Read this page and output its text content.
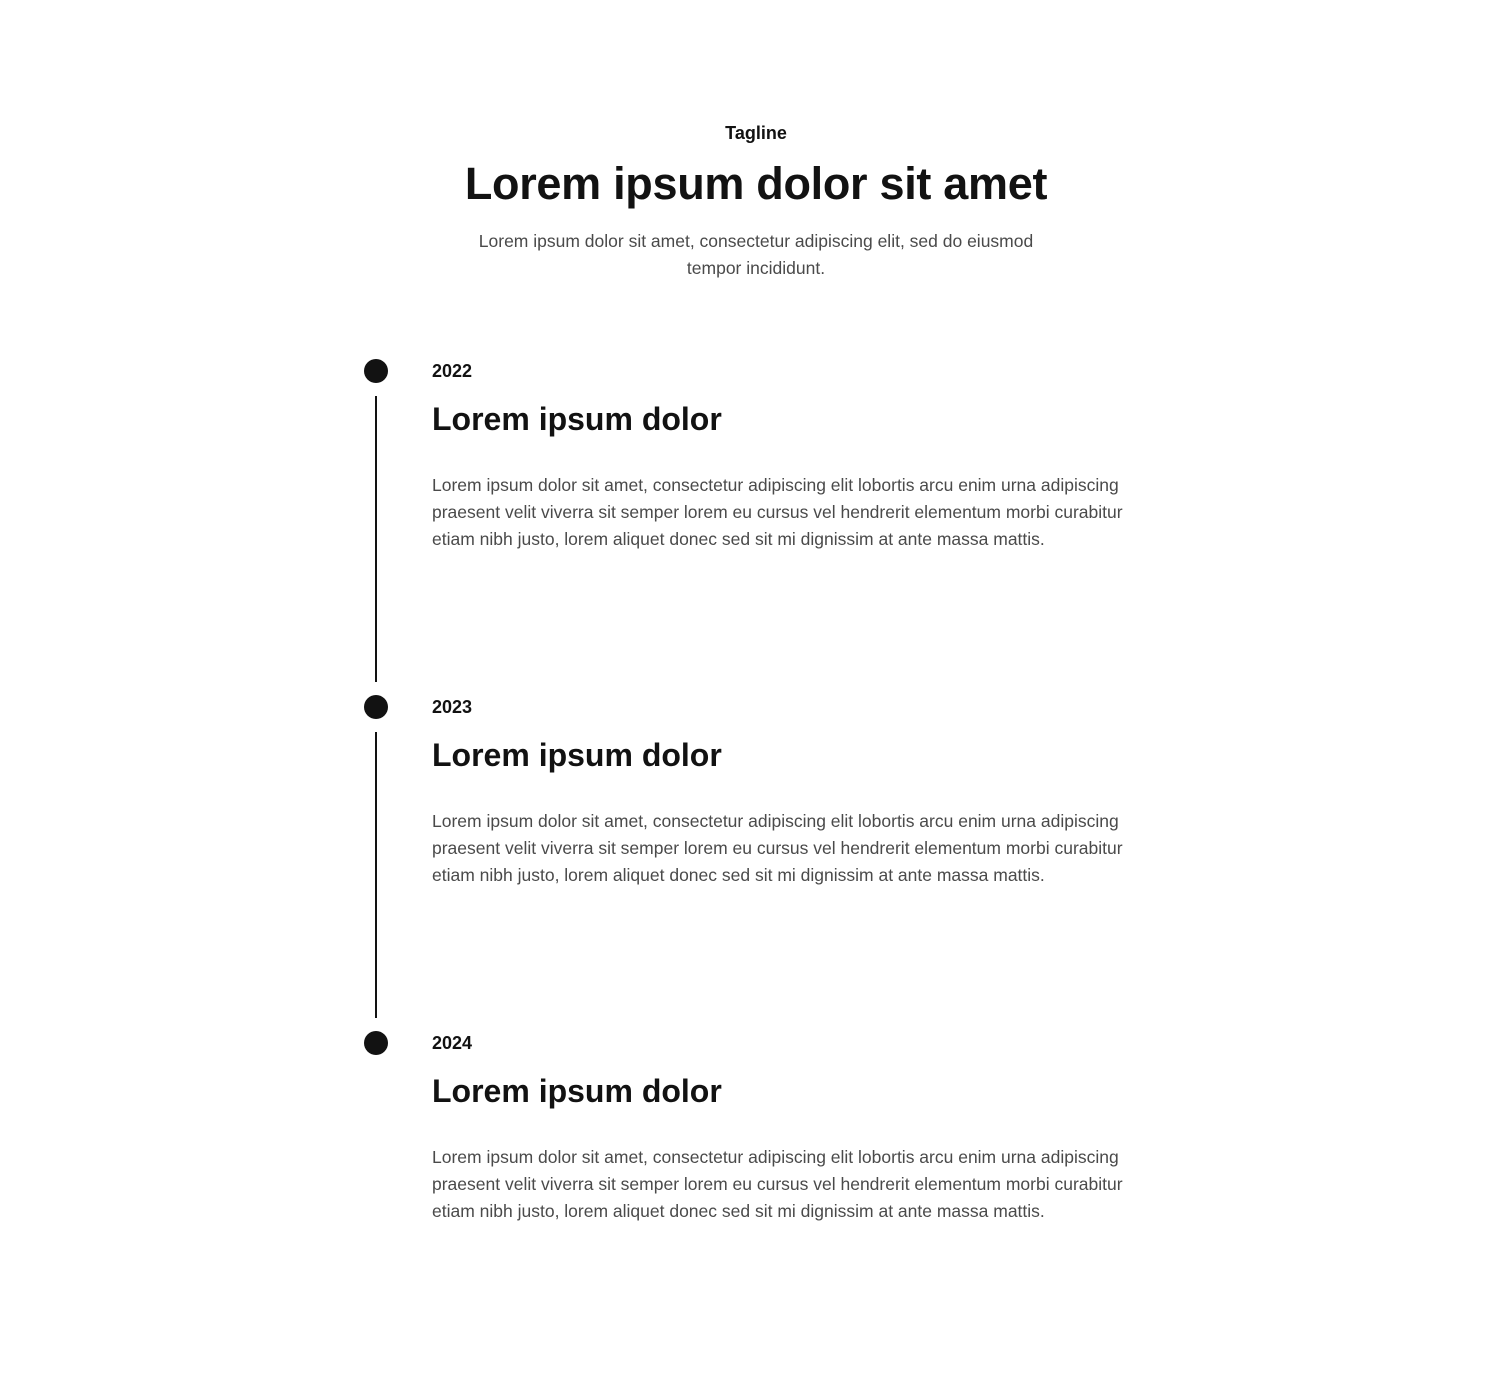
Tagline

Lorem ipsum dolor sit amet

Lorem ipsum dolor sit amet, consectetur adipiscing elit, sed do eiusmod tempor incididunt.

2022
Lorem ipsum dolor

Lorem ipsum dolor sit amet, consectetur adipiscing elit lobortis arcu enim urna adipiscing praesent velit viverra sit semper lorem eu cursus vel hendrerit elementum morbi curabitur etiam nibh justo, lorem aliquet donec sed sit mi dignissim at ante massa mattis.

2023
Lorem ipsum dolor

Lorem ipsum dolor sit amet, consectetur adipiscing elit lobortis arcu enim urna adipiscing praesent velit viverra sit semper lorem eu cursus vel hendrerit elementum morbi curabitur etiam nibh justo, lorem aliquet donec sed sit mi dignissim at ante massa mattis.

2024
Lorem ipsum dolor

Lorem ipsum dolor sit amet, consectetur adipiscing elit lobortis arcu enim urna adipiscing praesent velit viverra sit semper lorem eu cursus vel hendrerit elementum morbi curabitur etiam nibh justo, lorem aliquet donec sed sit mi dignissim at ante massa mattis.
